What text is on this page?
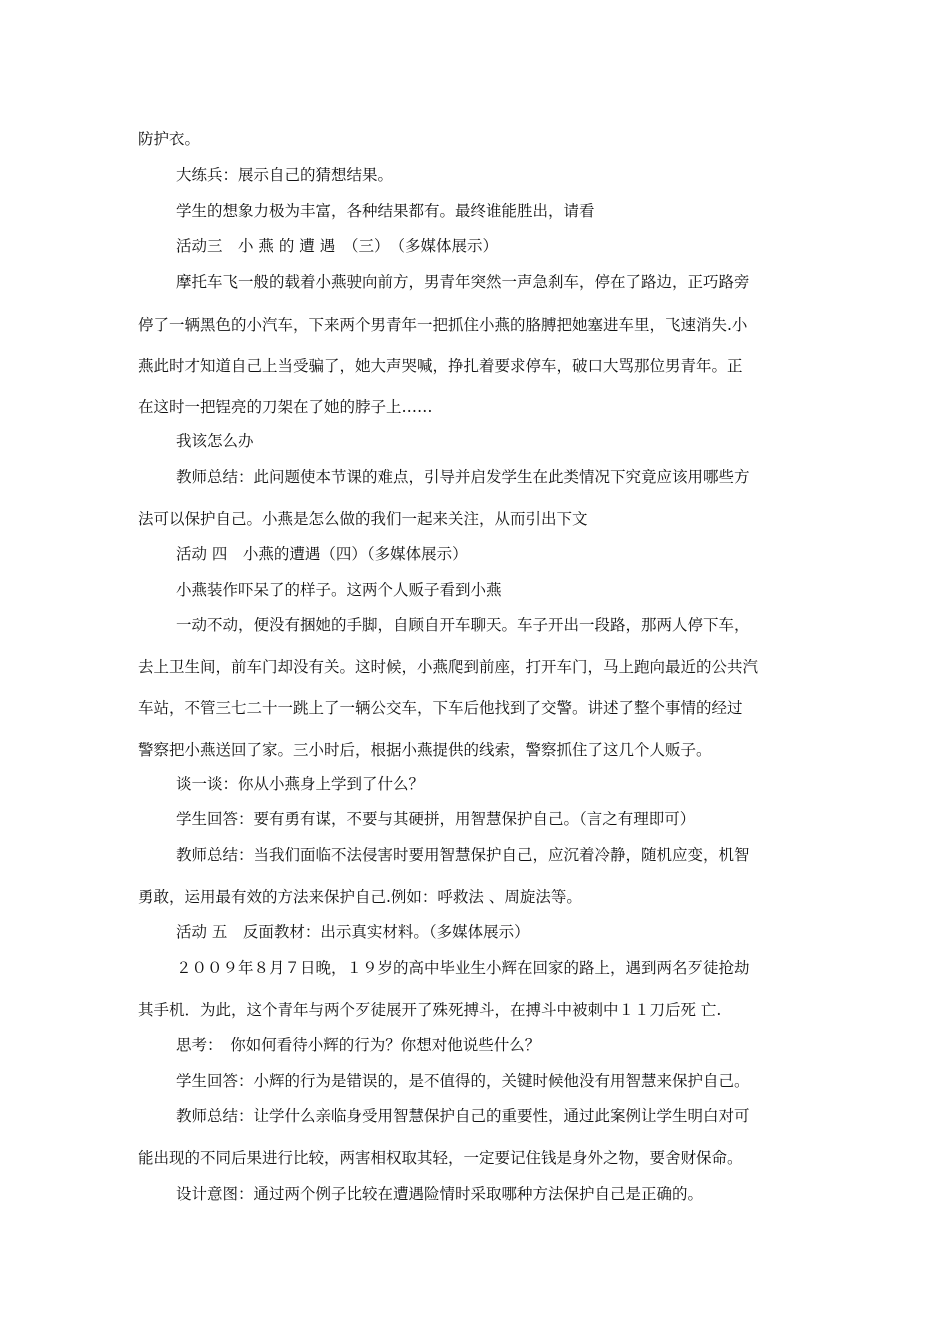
防护衣。
大练兵：展示自己的猜想结果。
学生的想象力极为丰富，各种结果都有。最终谁能胜出，请看
活动三　小 燕 的 遭 遇　（三）　（多媒体展示）
摩托车飞一般的载着小燕驶向前方，男青年突然一声急刹车，停在了路边，正巧路旁
停了一辆黑色的小汽车，下来两个男青年一把抓住小燕的胳膊把她塞进车里，飞速消失.小
燕此时才知道自己上当受骗了，她大声哭喊，挣扎着要求停车，破口大骂那位男青年。正
在这时一把锃亮的刀架在了她的脖子上……
我该怎么办
教师总结：此问题使本节课的难点，引导并启发学生在此类情况下究竟应该用哪些方
法可以保护自己。小燕是怎么做的我们一起来关注，从而引出下文
活动 四　小燕的遭遇（四）（多媒体展示）
小燕装作吓呆了的样子。这两个人贩子看到小燕
一动不动，便没有捆她的手脚，自顾自开车聊天。车子开出一段路，那两人停下车，
去上卫生间，前车门却没有关。这时候，小燕爬到前座，打开车门，马上跑向最近的公共汽
车站，不管三七二十一跳上了一辆公交车，下车后他找到了交警。讲述了整个事情的经过
警察把小燕送回了家。三小时后，根据小燕提供的线索，警察抓住了这几个人贩子。
谈一谈：你从小燕身上学到了什么？
学生回答：要有勇有谋，不要与其硬拼，用智慧保护自己。（言之有理即可）
教师总结：当我们面临不法侵害时要用智慧保护自己，应沉着冷静，随机应变，机智
勇敢，运用最有效的方法来保护自己.例如：呼救法 、周旋法等。
活动 五　反面教材：出示真实材料。（多媒体展示）
２００９年８月７日晚，１９岁的高中毕业生小辉在回家的路上，遇到两名歹徒抢劫
其手机．为此，这个青年与两个歹徒展开了殊死搏斗，在搏斗中被刺中１１刀后死 亡.
思考：　你如何看待小辉的行为？你想对他说些什么？
学生回答：小辉的行为是错误的，是不值得的，关键时候他没有用智慧来保护自己。
教师总结：让学什么亲临身受用智慧保护自己的重要性，通过此案例让学生明白对可
能出现的不同后果进行比较，两害相权取其轻，一定要记住钱是身外之物，要舍财保命。
设计意图：通过两个例子比较在遭遇险情时采取哪种方法保护自己是正确的。
